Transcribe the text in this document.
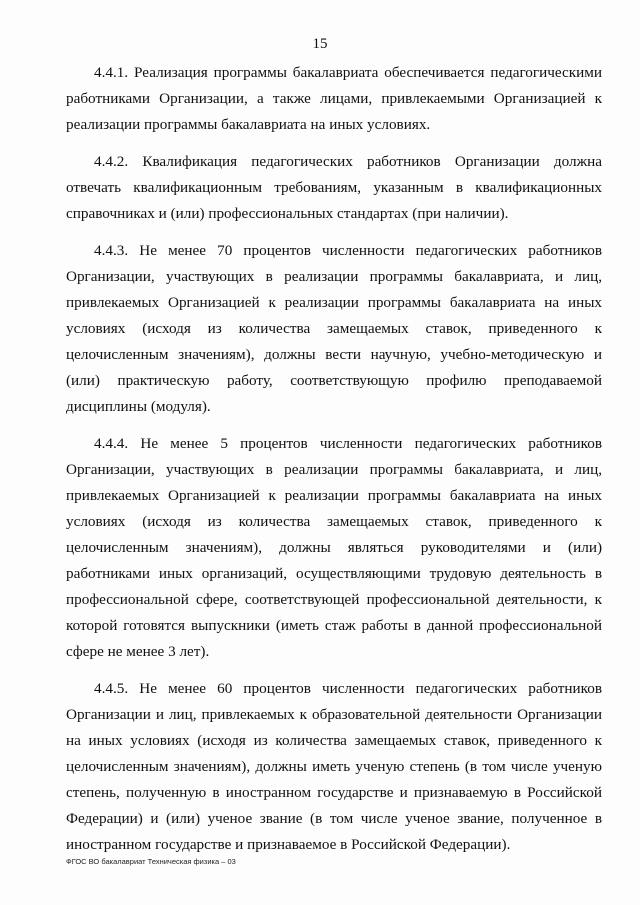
15

4.4.1. Реализация программы бакалавриата обеспечивается педагогическими работниками Организации, а также лицами, привлекаемыми Организацией к реализации программы бакалавриата на иных условиях.

4.4.2. Квалификация педагогических работников Организации должна отвечать квалификационным требованиям, указанным в квалификационных справочниках и (или) профессиональных стандартах (при наличии).

4.4.3. Не менее 70 процентов численности педагогических работников Организации, участвующих в реализации программы бакалавриата, и лиц, привлекаемых Организацией к реализации программы бакалавриата на иных условиях (исходя из количества замещаемых ставок, приведенного к целочисленным значениям), должны вести научную, учебно-методическую и (или) практическую работу, соответствующую профилю преподаваемой дисциплины (модуля).

4.4.4. Не менее 5 процентов численности педагогических работников Организации, участвующих в реализации программы бакалавриата, и лиц, привлекаемых Организацией к реализации программы бакалавриата на иных условиях (исходя из количества замещаемых ставок, приведенного к целочисленным значениям), должны являться руководителями и (или) работниками иных организаций, осуществляющими трудовую деятельность в профессиональной сфере, соответствующей профессиональной деятельности, к которой готовятся выпускники (иметь стаж работы в данной профессиональной сфере не менее 3 лет).

4.4.5. Не менее 60 процентов численности педагогических работников Организации и лиц, привлекаемых к образовательной деятельности Организации на иных условиях (исходя из количества замещаемых ставок, приведенного к целочисленным значениям), должны иметь ученую степень (в том числе ученую степень, полученную в иностранном государстве и признаваемую в Российской Федерации) и (или) ученое звание (в том числе ученое звание, полученное в иностранном государстве и признаваемое в Российской Федерации).

ФГОС ВО бакалавриат Техническая физика – 03
